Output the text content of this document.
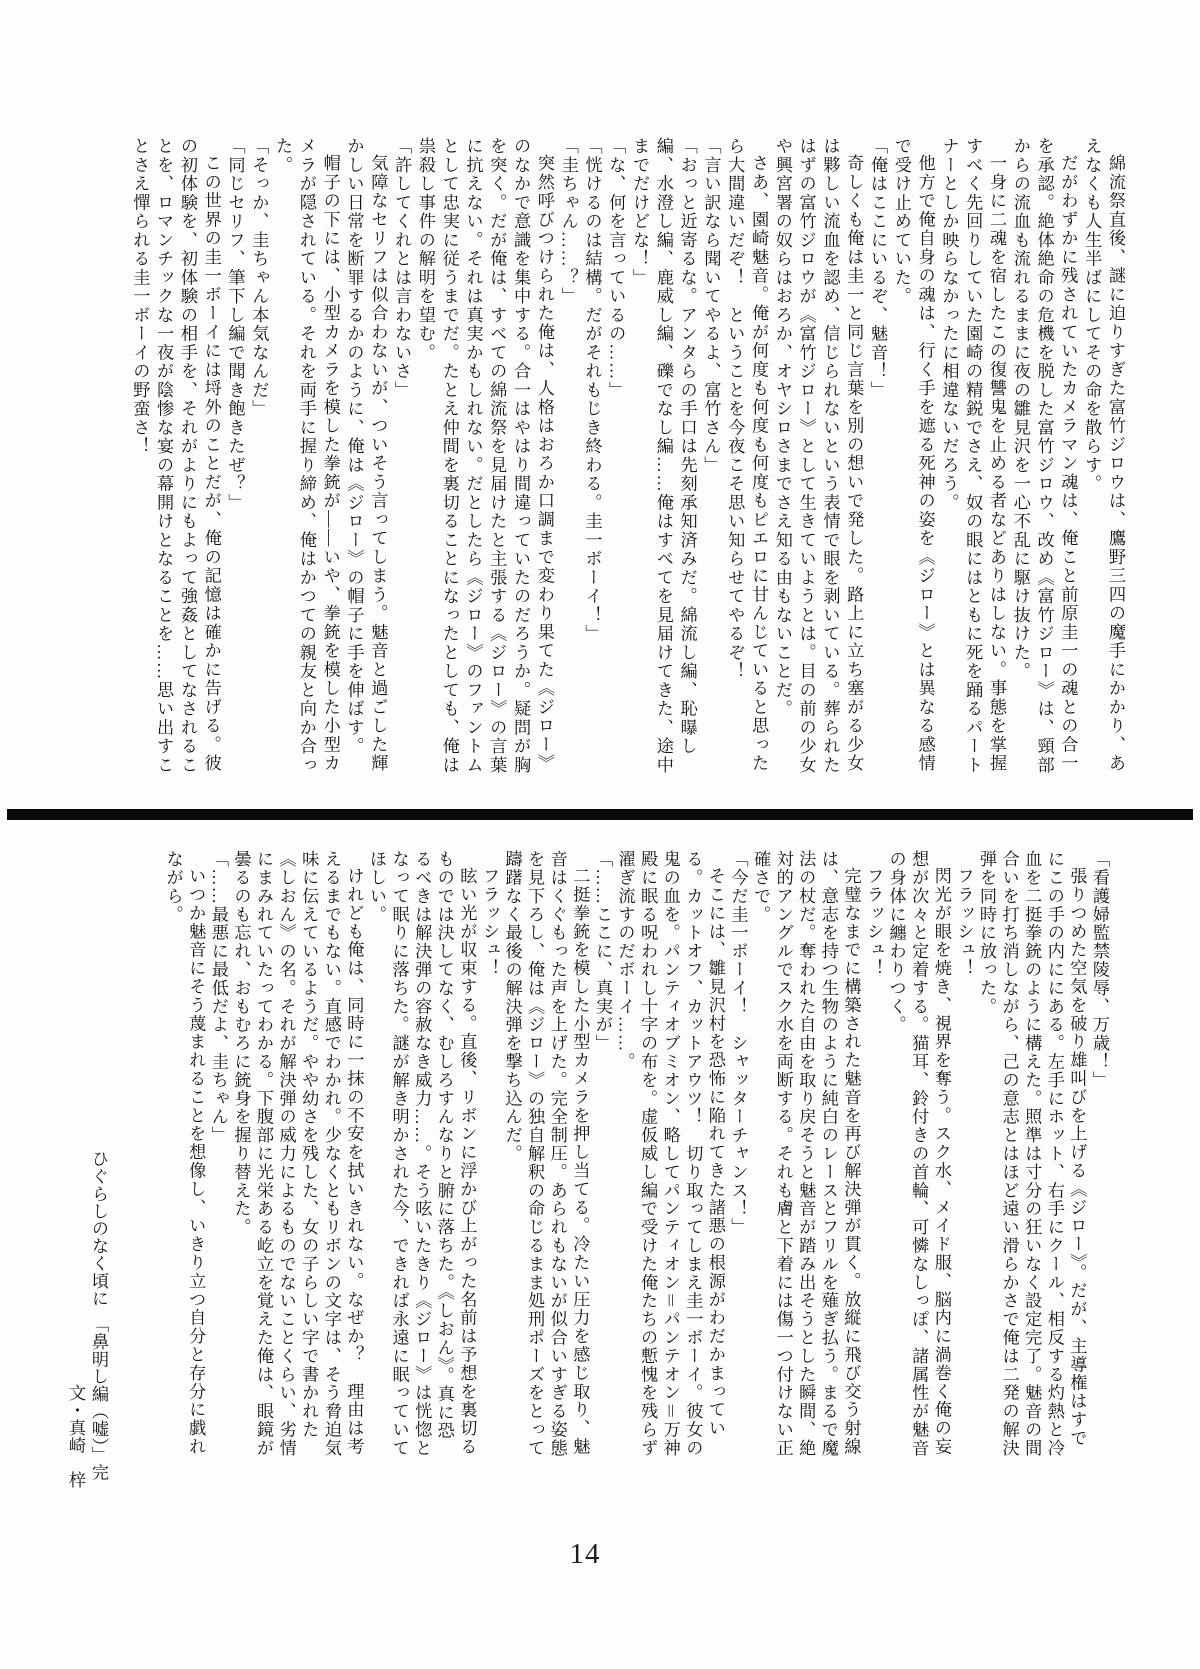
綿流祭直後、謎に迫りすぎた富竹ジロウは、鷹野三四の魔手にかかり、あえなくも人生半ばにしてその命を散らす。

だがわずかに残されていたカメラマン魂は、俺こと前原圭一の魂との合一を承認。絶体絶命の危機を脱した富竹ジロウ、改め《富竹ジロー》は、頸部からの流血も流れるままに夜の雛見沢を一心不乱に駆け抜けた。

一身に二魂を宿したこの復讐鬼を止める者などありはしない。事態を掌握すべく先回りしていた園崎の精鋭でさえ、奴の眼にはともに死を踊るパートナーとしか映らなかったに相違ないだろう。

他方で俺自身の魂は、行く手を遮る死神の姿を《ジロー》とは異なる感情で受け止めていた。

「俺はここにいるぞ、魅音！」

奇しくも俺は圭一と同じ言葉を別の想いで発した。路上に立ち塞がる少女は夥しい流血を認め、信じられないという表情で眼を剥いている。葬られたはずの富竹ジロウが《富竹ジロー》として生きていようとは。目の前の少女や興宮署の奴らはおろか、オヤシロさまでさえ知る由もないことだ。

さあ、園崎魅音。俺が何度も何度も何度もピエロに甘んじていると思ったら大間違いだぞ！　ということを今夜こそ思い知らせてやるぞ！

「言い訳なら聞いてやるよ、富竹さん」

「おっと近寄るな。アンタらの手口は先刻承知済みだ。綿流し編、恥曝し編、水澄し編、鹿威し編、礫でなし編……俺はすべてを見届けてきた、途中までだけどな！」

「な、何を言っているの……」

「恍けるのは結構。だがそれもじき終わる。圭一ボーイ！」

「圭ちゃん……？」

突然呼びつけられた俺は、人格はおろか口調まで変わり果てた《ジロー》のなかで意識を集中する。合一はやはり間違っていたのだろうか。疑問が胸を突く。だが俺は、すべての綿流祭を見届けたと主張する《ジロー》の言葉に抗えない。それは真実かもしれない。だとしたら《ジロー》のファントムとして忠実に従うまでだ。たとえ仲間を裏切ることになったとしても、俺は祟殺し事件の解明を望む。

「許してくれとは言わないさ」

気障なセリフは似合わないが、ついそう言ってしまう。魅音と過ごした輝かしい日常を断罪するかのように、俺は《ジロー》の帽子に手を伸ばす。

帽子の下には、小型カメラを模した拳銃が――いや、拳銃を模した小型カメラが隠されている。それを両手に握り締め、俺はかつての親友と向か合った。

「そっか、圭ちゃん本気なんだ」

「同じセリフ、筆下し編で聞き飽きたぜ？」

この世界の圭一ボーイには埒外のことだが、俺の記憶は確かに告げる。彼の初体験を、初体験の相手を、それがよりにもよって強姦としてなされることを、ロマンチックな一夜が陰惨な宴の幕開けとなることを……思い出すことさえ憚られる圭一ボーイの野蛮さ！

「看護婦監禁陵辱、万歳！」

張りつめた空気を破り雄叫びを上げる《ジロー》。だが、主導権はすでにこの手の内ににある。左手にホット、右手にクール、相反する灼熱と冷血を二挺拳銃のように構えた。照準は寸分の狂いなく設定完了。魅音の間合いを打ち消しながら、己の意志とはほど遠い滑らかさで俺は二発の解決弾を同時に放った。

フラッシュ！

閃光が眼を焼き、視界を奪う。スク水、メイド服、脳内に渦巻く俺の妄想が次々と定着する。猫耳、鈴付きの首輪、可憐なしっぽ、諸属性が魅音の身体に纏わりつく。

フラッシュ！

完璧なまでに構築された魅音を再び解決弾が貫く。放縦に飛び交う射線は、意志を持つ生物のように純白のレースとフリルを薙ぎ払う。まるで魔法の杖だ。奪われた自由を取り戻そうと魅音が踏み出そうとした瞬間、絶対的アングルでスク水を両断する。それも膚と下着には傷一つ付けない正確さで。

「今だ圭一ボーイ！　シャッターチャンス！」

そこには、雛見沢村を恐怖に陥れてきた諸悪の根源がわだかまっている。カットオフ、カットアウツ！　切り取ってしまえ圭一ボーイ。彼女の鬼の血を。パンティオブミオン、略してパンティオン＝パンテオン＝万神殿に眠る呪われし十字の布を。虚仮威し編で受けた俺たちの慙愧を残らず濯ぎ流すのだボーイ……。

「……ここに、真実が」

二挺拳銃を模した小型カメラを押し当てる。冷たい圧力を感じ取り、魅音はくぐもった声を上げた。完全制圧。あられもないが似合いすぎる姿態を見下ろし、俺は《ジロー》の独自解釈の命じるまま処刑ポーズをとって躊躇なく最後の解決弾を撃ち込んだ。

フラッシュ！

眩い光が収束する。直後、リボンに浮かび上がった名前は予想を裏切るものでは決してなく、むしろすんなりと腑に落ちた。《しおん》。真に恐るべきは解決弾の容赦なき威力……。そう呟いたきり《ジロー》は恍惚となって眠りに落ちた。謎が解き明かされた今、できれば永遠に眠っていてほしい。

けれども俺は、同時に一抹の不安を拭いきれない。なぜか？　理由は考えるまでもない。直感でわかれ。少なくともリボンの文字は、そう脅迫気味に伝えているようだ。やや幼さを残した、女の子らしい字で書かれた《しおん》の名。それが解決弾の威力によるものでないことくらい、劣情にまみれていたってわかる。下腹部に光栄ある屹立を覚えた俺は、眼鏡が曇るのも忘れ、おもむろに銃身を握り替えた。

「……最悪に最低だよ、圭ちゃん」

いつか魅音にそう蔑まれることを想像し、いきり立つ自分と存分に戯れながら。

ひぐらしのなく頃に　「鼻明し編（嘘）」完

文・真崎　梓

14
